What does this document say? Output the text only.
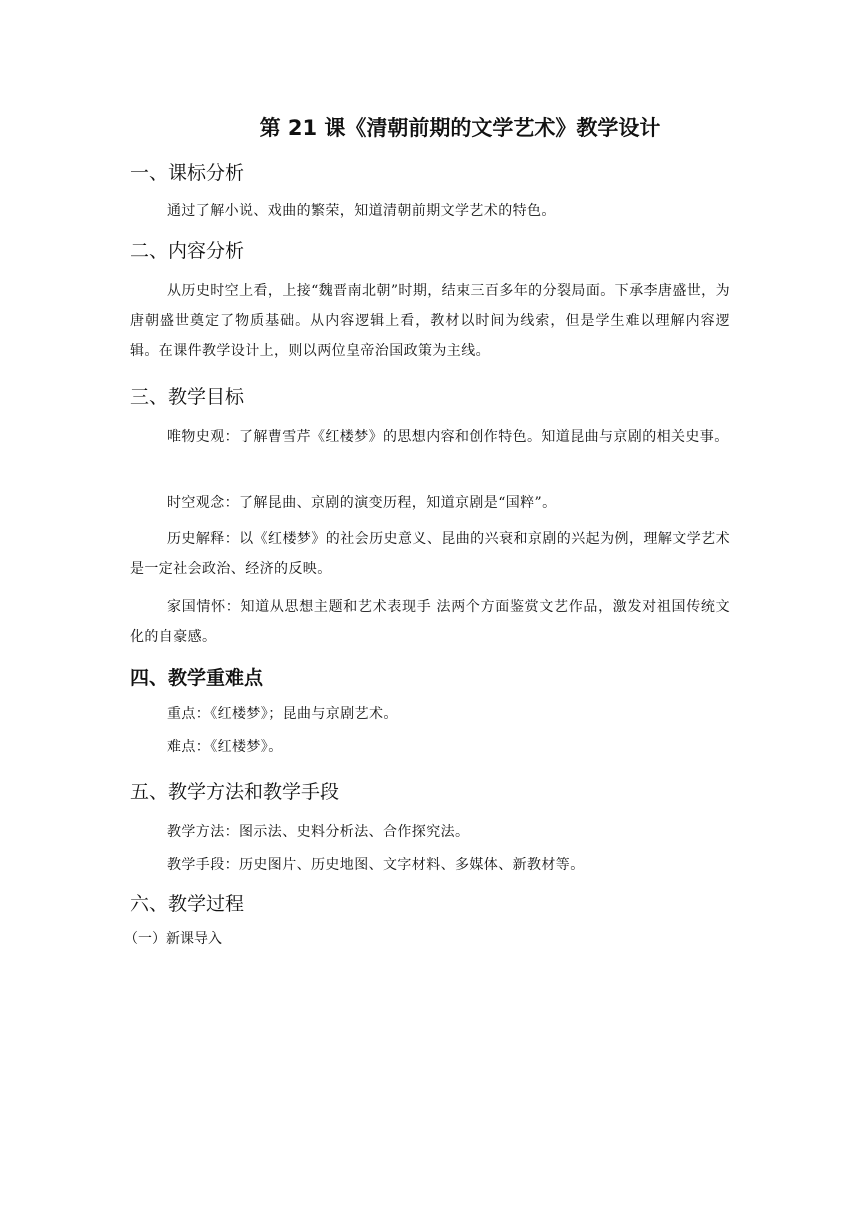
第 21 课《清朝前期的文学艺术》教学设计
一、课标分析

通过了解小说、戏曲的繁荣，知道清朝前期文学艺术的特色。

二、内容分析

从历史时空上看，上接“魏晋南北朝”时期，结束三百多年的分裂局面。下承李唐盛世，为唐朝盛世奠定了物质基础。从内容逻辑上看，教材以时间为线索，但是学生难以理解内容逻辑。在课件教学设计上，则以两位皇帝治国政策为主线。

三、教学目标

唯物史观：了解曹雪芹《红楼梦》的思想内容和创作特色。知道昆曲与京剧的相关史事。

时空观念：了解昆曲、京剧的演变历程，知道京剧是“国粹”。

历史解释：以《红楼梦》的社会历史意义、昆曲的兴衰和京剧的兴起为例，理解文学艺术是一定社会政治、经济的反映。

家国情怀：知道从思想主题和艺术表现手 法两个方面鉴赏文艺作品，激发对祖国传统文化的自豪感。

四、教学重难点

重点：《红楼梦》；昆曲与京剧艺术。

难点：《红楼梦》。

五、教学方法和教学手段

教学方法：图示法、史料分析法、合作探究法。

教学手段：历史图片、历史地图、文字材料、多媒体、新教材等。

六、教学过程

（一）新课导入
